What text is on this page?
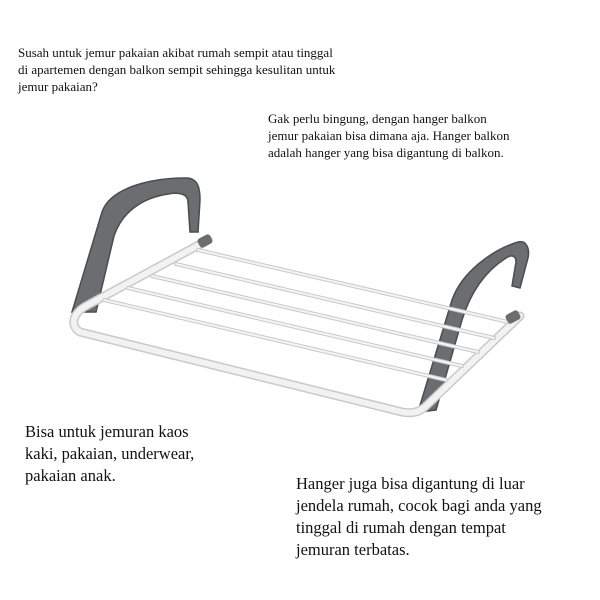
Susah untuk jemur pakaian akibat rumah sempit atau tinggal
di apartemen dengan balkon sempit sehingga kesulitan untuk
jemur pakaian?

Gak perlu bingung, dengan hanger balkon
jemur pakaian bisa dimana aja. Hanger balkon
adalah hanger yang bisa digantung di balkon.

Bisa untuk jemuran kaos
kaki, pakaian, underwear,
pakaian anak.	Hanger juga bisa digantung di luar
jendela rumah, cocok bagi anda yang
tinggal di rumah dengan tempat
jemuran terbatas.
